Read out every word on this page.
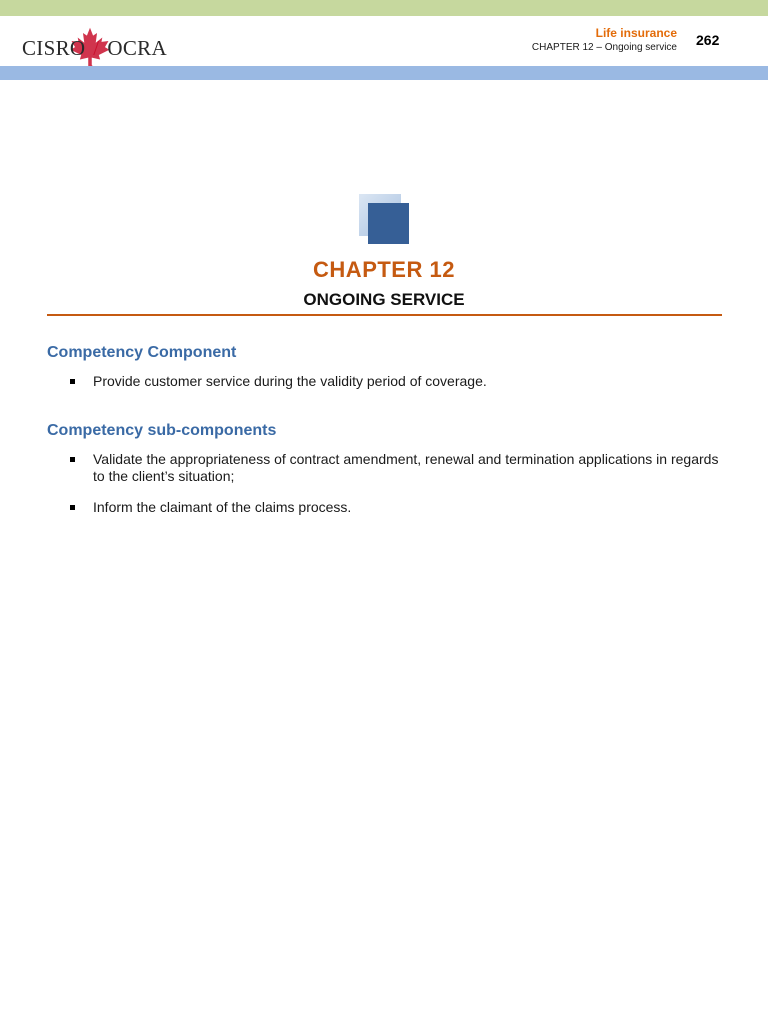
CISRO / OCRA
Life insurance
CHAPTER 12 – Ongoing service 262
CHAPTER 12
ONGOING SERVICE
Competency Component
Provide customer service during the validity period of coverage.
Competency sub-components
Validate the appropriateness of contract amendment, renewal and termination applications in regards to the client’s situation;
Inform the claimant of the claims process.
